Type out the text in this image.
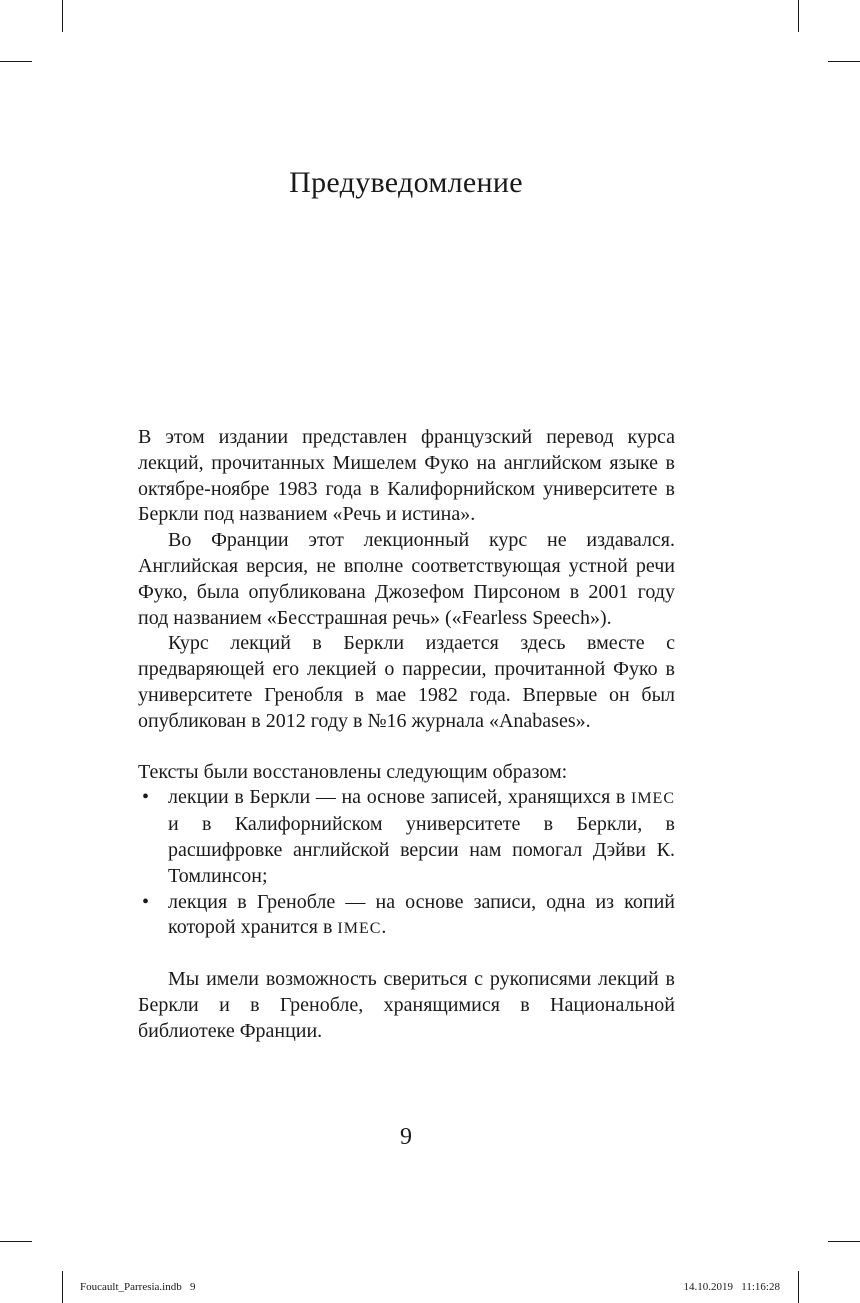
Предуведомление

В этом издании представлен французский перевод курса лекций, прочитанных Мишелем Фуко на английском языке в октябре-ноябре 1983 года в Калифорнийском университете в Беркли под названием «Речь и истина».

Во Франции этот лекционный курс не издавался. Английская версия, не вполне соответствующая устной речи Фуко, была опубликована Джозефом Пирсоном в 2001 году под названием «Бесстрашная речь» («Fearless Speech»).

Курс лекций в Беркли издается здесь вместе с предваряющей его лекцией о парресии, прочитанной Фуко в университете Гренобля в мае 1982 года. Впервые он был опубликован в 2012 году в №16 журнала «Anabases».

Тексты были восстановлены следующим образом:

• лекции в Беркли — на основе записей, хранящихся в IMEC и в Калифорнийском университете в Беркли, в расшифровке английской версии нам помогал Дэйви К. Томлинсон;
• лекция в Гренобле — на основе записи, одна из копий которой хранится в IMEC.

Мы имели возможность свериться с рукописями лекций в Беркли и в Гренобле, хранящимися в Национальной библиотеке Франции.

9
Foucault_Parresia.indb   9	14.10.2019   11:16:28
